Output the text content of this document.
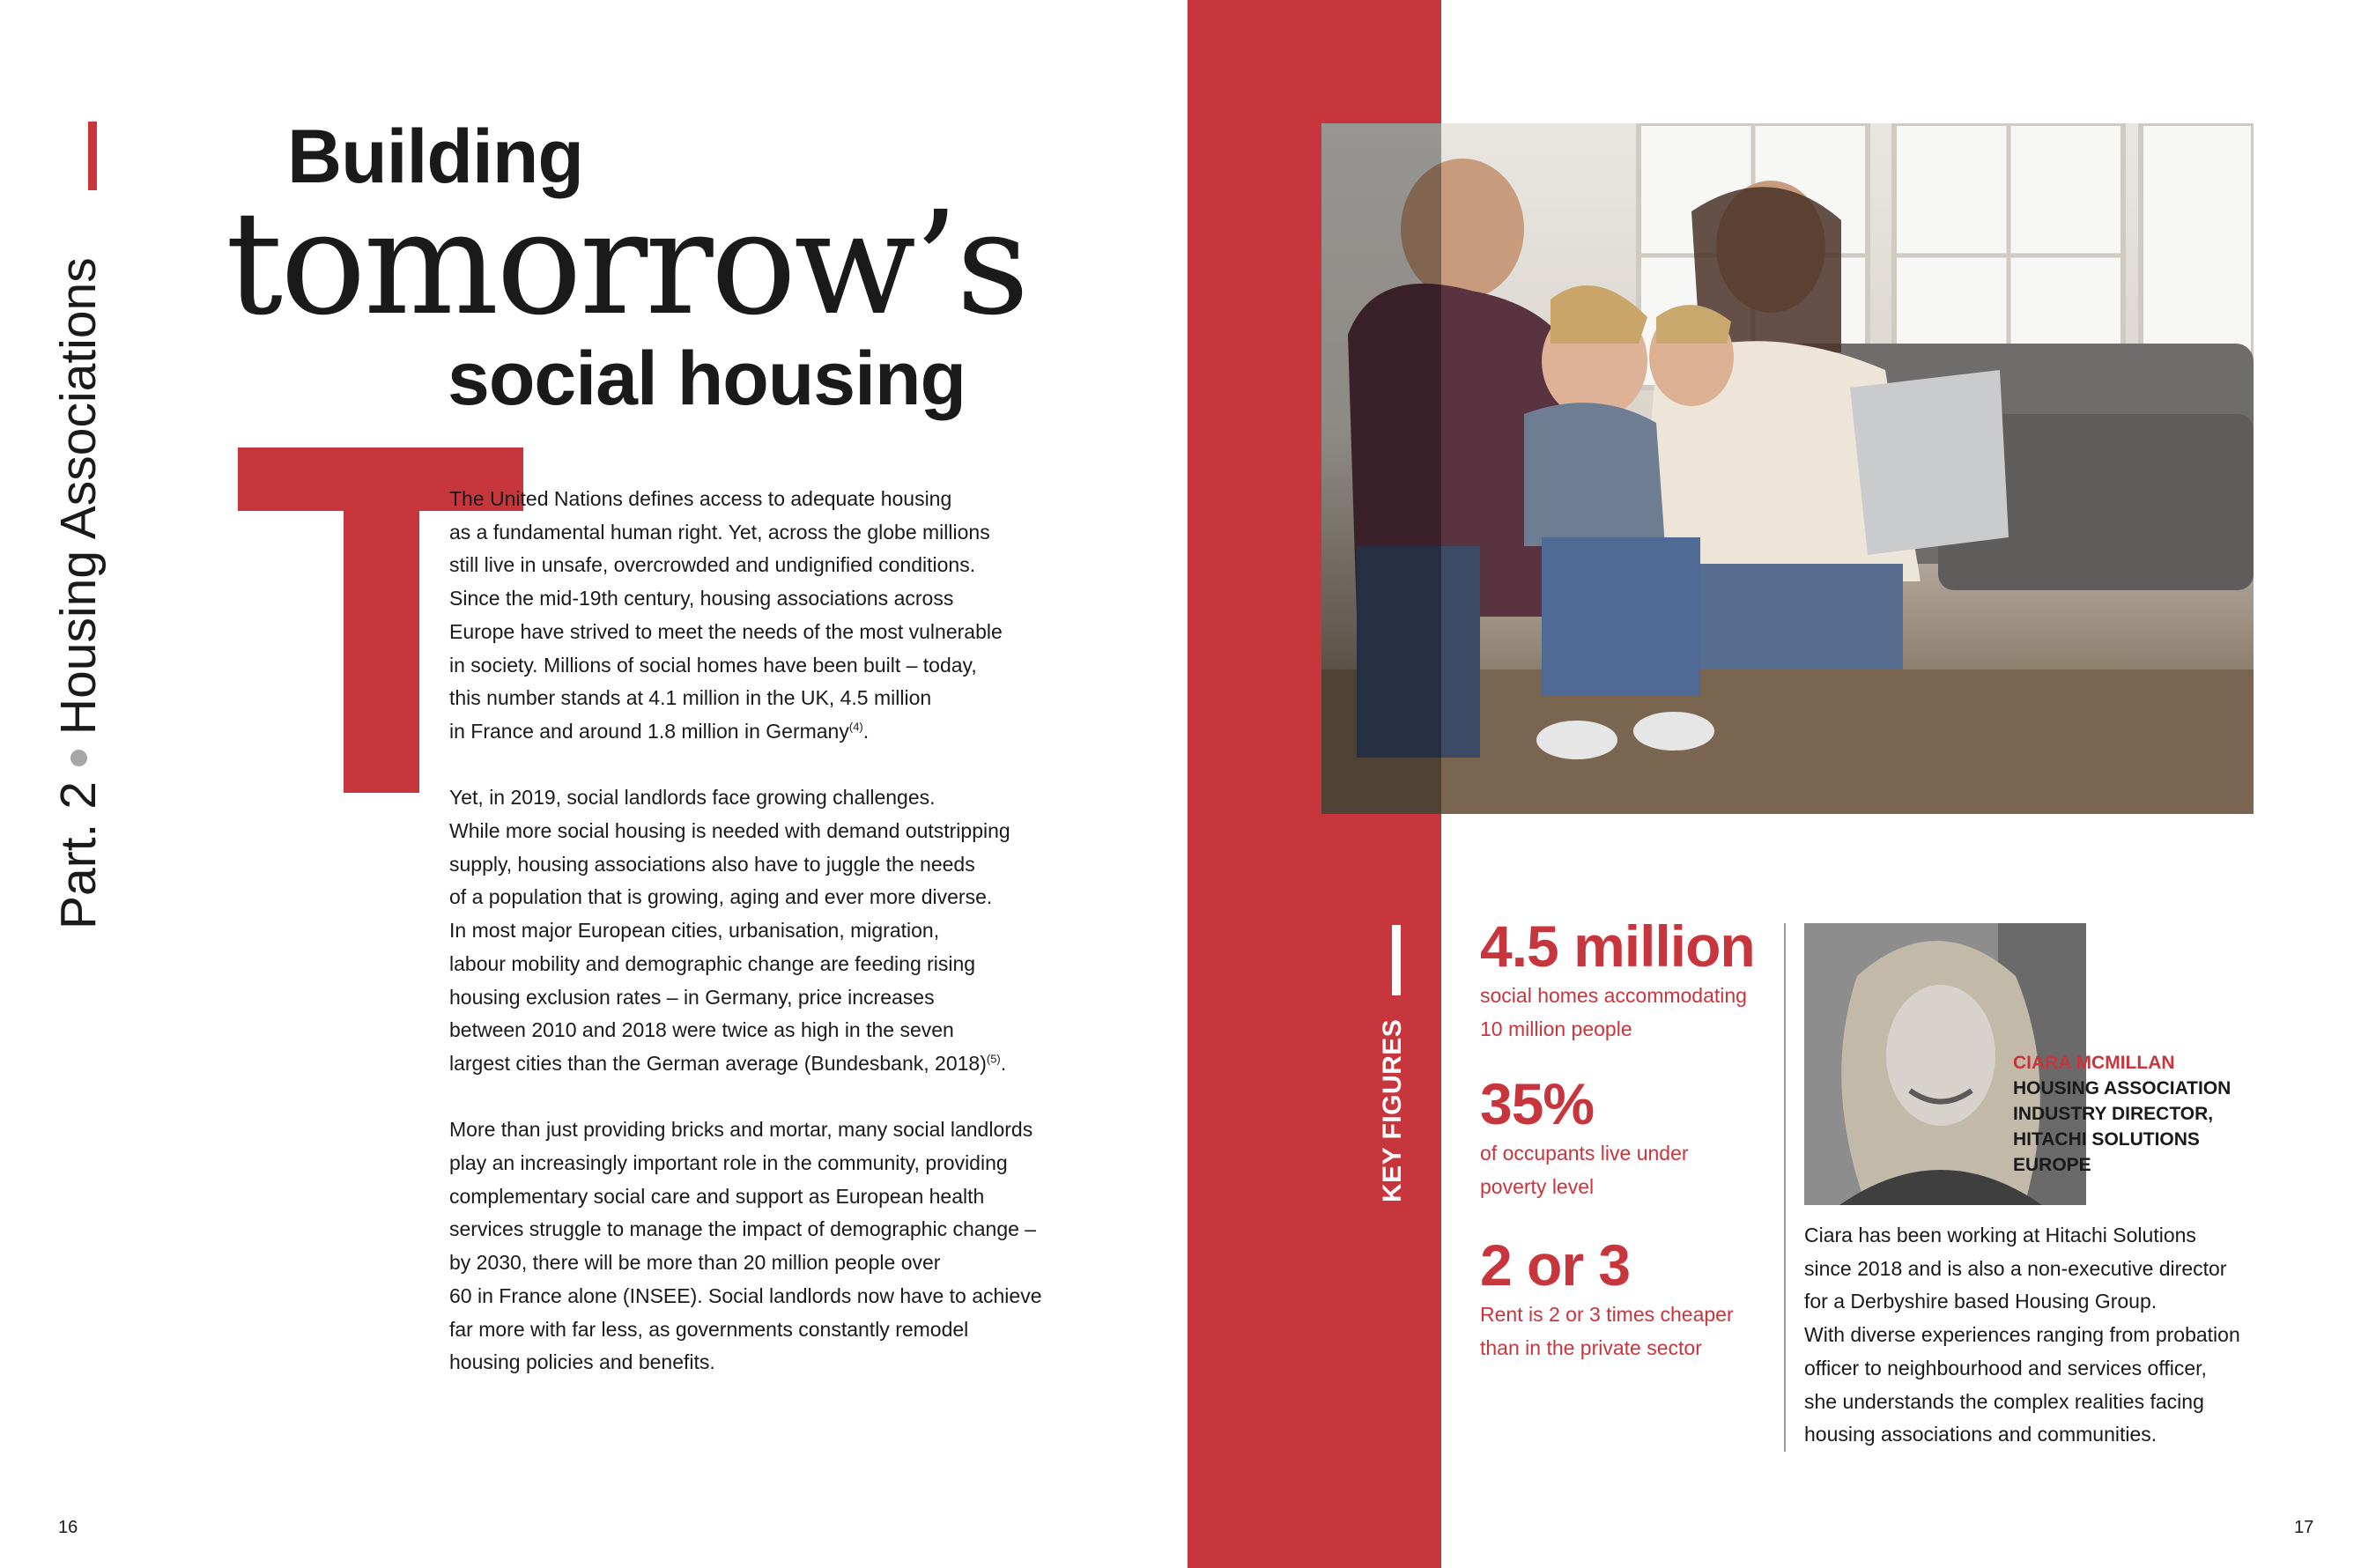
Part. 2
Housing Associations
Building
tomorrow’s
social housing

The United Nations defines access to adequate housing
as a fundamental human right. Yet, across the globe millions
still live in unsafe, overcrowded and undignified conditions.
Since the mid-19th century, housing associations across
Europe have strived to meet the needs of the most vulnerable
in society. Millions of social homes have been built – today,
this number stands at 4.1 million in the UK, 4.5 million
in France and around 1.8 million in Germany$^{(4)}$.

Yet, in 2019, social landlords face growing challenges.
While more social housing is needed with demand outstripping
supply, housing associations also have to juggle the needs
of a population that is growing, aging and ever more diverse.
In most major European cities, urbanisation, migration,
labour mobility and demographic change are feeding rising
housing exclusion rates – in Germany, price increases
between 2010 and 2018 were twice as high in the seven
largest cities than the German average (Bundesbank, 2018)$^{(5)}$.

More than just providing bricks and mortar, many social landlords
play an increasingly important role in the community, providing
complementary social care and support as European health
services struggle to manage the impact of demographic change –
by 2030, there will be more than 20 million people over
60 in France alone (INSEE). Social landlords now have to achieve
far more with far less, as governments constantly remodel
housing policies and benefits.

16
KEY FIGURES
4.5 million
social homes accommodating
10 million people
35%
of occupants live under
poverty level
2 or 3
Rent is 2 or 3 times cheaper
than in the private sector
CIARA MCMILLAN
HOUSING ASSOCIATION
INDUSTRY DIRECTOR,
HITACHI SOLUTIONS
EUROPE
Ciara has been working at Hitachi Solutions
since 2018 and is also a non-executive director
for a Derbyshire based Housing Group.
With diverse experiences ranging from probation
officer to neighbourhood and services officer,
she understands the complex realities facing
housing associations and communities.
17
